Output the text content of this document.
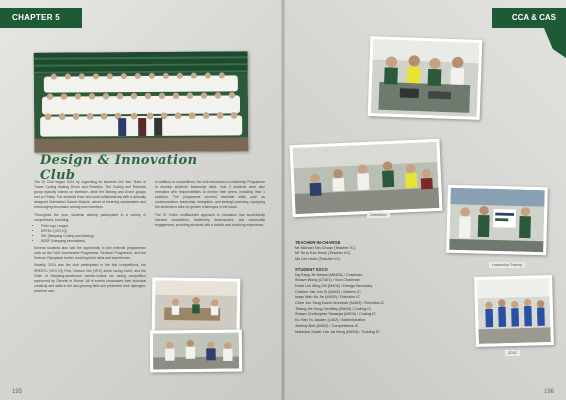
CHAPTER 5
Design & Innovation Club

The DI Club began 2024 by organising its students into four Team of Tracer Coding Making Drone and Robotics. The Coding and Robotics group typically trained on interface, while the Making and Drone groups met on Friday. The students learn and work collaboratively with a specially designed Orientation Games Module, aimed at fostering camaraderie and encouraging innovation among new members.

Throughout the year, students actively participated in a variety of competitions, including:

• First Lego League
• DRTEC (VEX IQ)
• IDE (Nanyang Coding and Making)
• NDSF (Nanyang innovations)

Several students also had the opportunity to join external programmes such as the NUS Accelerated Programme, Seminar Programme, and the Science Olympiads further enriching their skills and experiences.

Notably, 2024 was the club participated in the first competitions, the SRESTC (VEX IQ) First, Gessun Vex (VEX) drone racing event, and the Chair of Nanyang-sanctioned remote-control car racing competition sponsored by Clevelin in Brunei. All of events showcased their technical creativity and skills in the fast-growing field and presented their hydrogen-powered cars.

In addition to competitions, the club introduced a Leadership Programme to develop students' leadership skills. Year 3 students were also entrusted with responsibilities to mentor their peers, including Year 1 students. The programme covered essential skills such as communication, leadership, delegation, and strategic planning, equipping the students to take on greater challenges in the future.

The DI Club's multifaceted approach to education has successfully blended competition, leadership development, and community engagement, providing students with a holistic and enriching experience.

195
CCA & CAS
Orientation
Leadership Training
SDSC
196
TEACHER-IN-CHARGE
Mr Michael Tan Chuan (Teacher IC)
Mr Terry Kao Kevin (Teacher I/C)
Ms Lim Hueh (Teacher I/C)
STUDENT EXCO
Ng Kang Jie Keeps (M6403) / Chairman
Shawn Wong (LT401) / Vice-Chairman
Noah Lim Ming Zhi (M402) / Design Secretary
Charles Yan Jun Xi (M402) / Makers IC
Isaac Mah Ke Jie (M402) / Robotics IC
Chee Jun Yang David Jeremiah (M402) / Robotics IC
Tihang Jie Hong Geoffrey (M403) / Coding IC
Shawn Christopher Simanjai (M403) / Coding IC
Ko Han Yu Jayden (L402) / Administrative
Jeremy Boh (M402) / Competitions IC
Malavika Xavier Lim Jia Heng (M403) / Training IC
